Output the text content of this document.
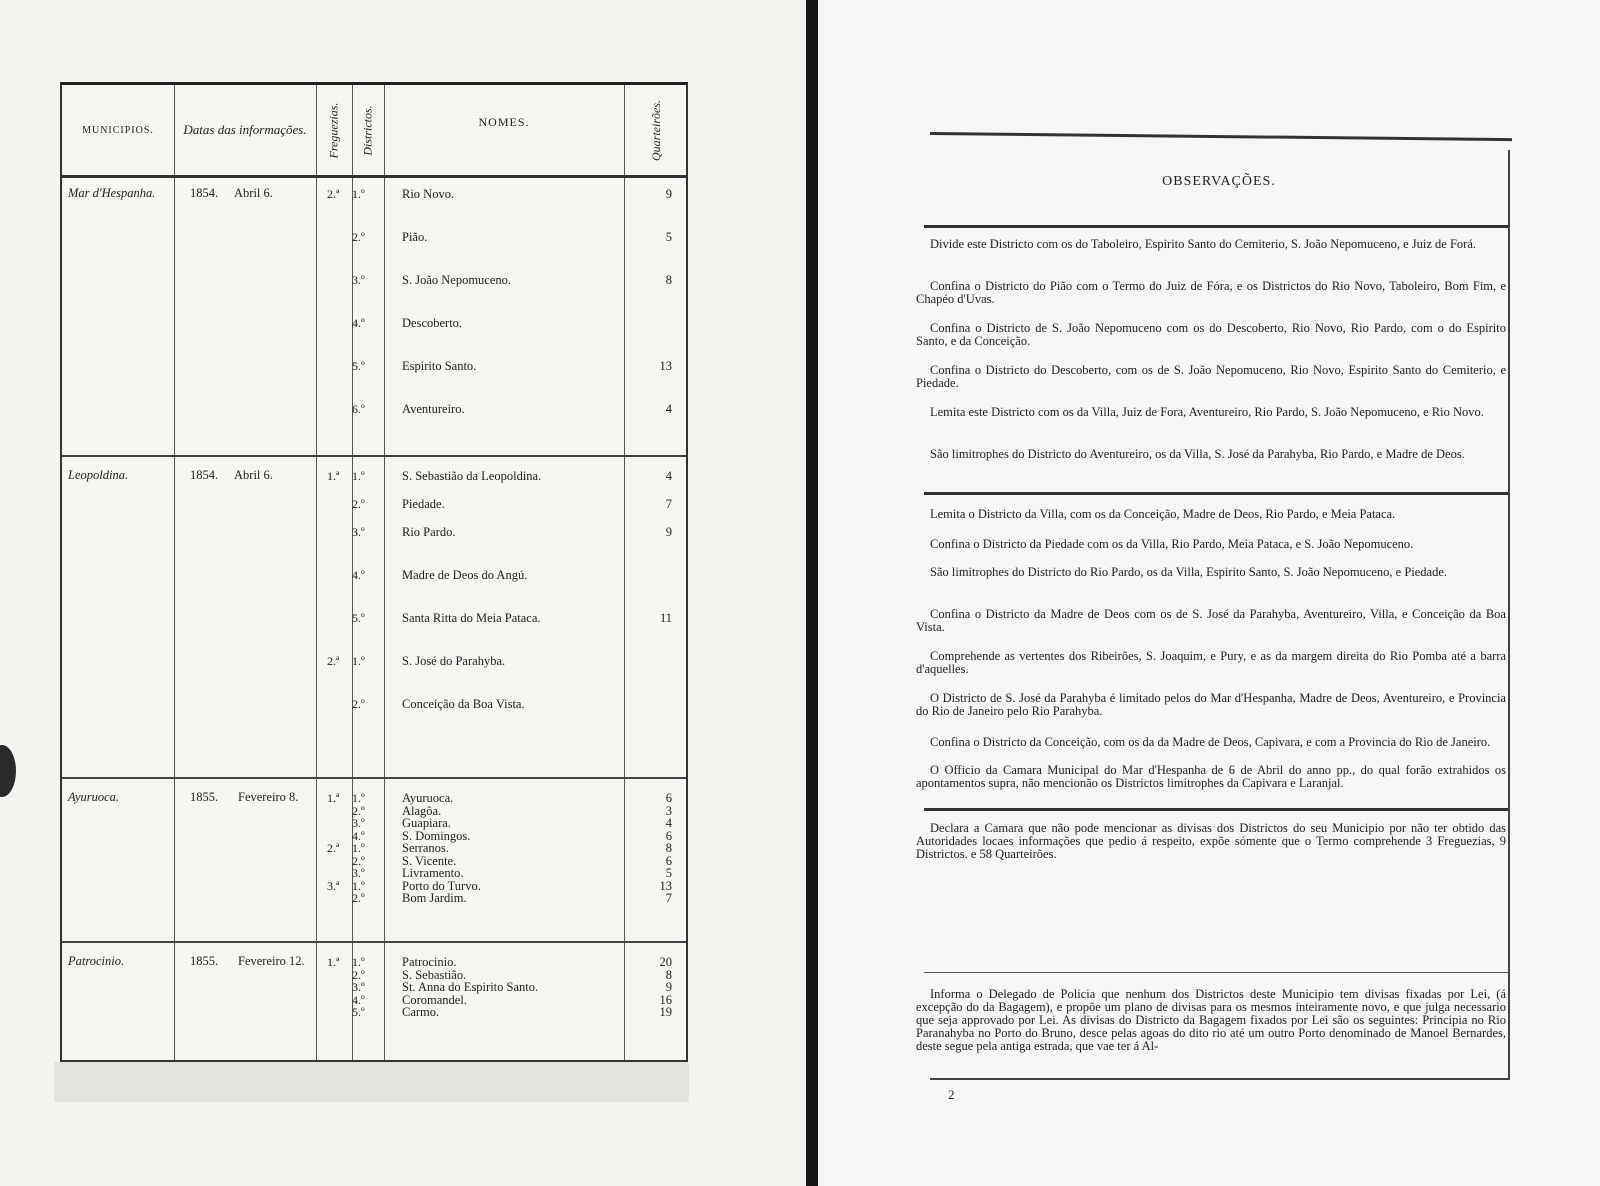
MUNICIPIOS. Datas das informações. Freguezias. Districtos.	NOMES.	Quarteirões.
Mar d'Hespanha.	1854. Abril 6.	2.ª 1.º	Rio Novo.	9
2.º	Pião.	5
3.º	S. João Nepomuceno.	8
4.º	Descoberto.
5.º	Espirito Santo.	13
6.º	Aventureiro.	4
Leopoldina.	1854. Abril 6.	1.ª 1.º	S. Sebastião da Leopoldina.	4
2.º	Piedade.	7
3.º	Rio Pardo.	9
4.º	Madre de Deos do Angú.
5.º	Santa Ritta do Meia Pataca.	11
2.ª 1.º	S. José do Parahyba.
2.º	Conceição da Boa Vista.
Ayuruoca.	1855. Fevereiro 8. 1.ª 1.º	Ayuruoca.	6
2.º	Alagôa.	3
3.º	Guapiara.	4
4.º	S. Domingos.	6
2.ª 1.º	Serranos.	8
2.º	S. Vicente.	6
3.º	Livramento.	5
3.ª 1.º	Porto do Turvo.	13
2.º	Bom Jardim.	7
Patrocinio.	1855. Fevereiro 12. 1.ª 1.º	Patrocinio.	20
2.º	S. Sebastião.	8
3.º	St. Anna do Espirito Santo.	9
4.º	Coromandel.	16
5.º	Carmo.	19
OBSERVAÇÕES.
Divide este Districto com os do Taboleiro, Espirito Santo do Cemiterio, S. João Nepomuceno, e Juiz de Forá.
Confina o Districto do Pião com o Termo do Juiz de Fóra, e os Districtos do Rio Novo, Taboleiro, Bom Fim, e Chapéo d'Uvas.
Confina o Districto de S. João Nepomuceno com os do Descoberto, Rio Novo, Rio Pardo, com o do Espirito Santo, e da Conceição.
Confina o Districto do Descoberto, com os de S. João Nepomuceno, Rio Novo, Espirito Santo do Cemiterio, e Piedade.
Lemita este Districto com os da Villa, Juiz de Fora, Aventureiro, Rio Pardo, S. João Nepomuceno, e Rio Novo.
São limitrophes do Districto do Aventureiro, os da Villa, S. José da Parahyba, Rio Pardo, e Madre de Deos.
Lemita o Districto da Villa, com os da Conceição, Madre de Deos, Rio Pardo, e Meia Pataca.
Confina o Districto da Piedade com os da Villa, Rio Pardo, Meia Pataca, e S. João Nepomuceno.
São limitrophes do Districto do Rio Pardo, os da Villa, Espirito Santo, S. João Nepomuceno, e Piedade.
Confina o Districto da Madre de Deos com os de S. José da Parahyba, Aventureiro, Villa, e Conceição da Boa Vista.
Comprehende as vertentes dos Ribeirões, S. Joaquim, e Pury, e as da margem direita do Rio Pomba até a barra d'aquelles.
O Districto de S. José da Parahyba é limitado pelos do Mar d'Hespanha, Madre de Deos, Aventureiro, e Provincia do Rio de Janeiro pelo Rio Parahyba.
Confina o Districto da Conceição, com os da da Madre de Deos, Capivara, e com a Provincia do Rio de Janeiro.
O Officio da Camara Municipal do Mar d'Hespanha de 6 de Abril do anno pp., do qual forão extrahidos os apontamentos supra, não mencionão os Districtos limitrophes da Capivara e Laranjal.
Declara a Camara que não pode mencionar as divisas dos Districtos do seu Municipio por não ter obtido das Autoridades locaes informações que pedio á respeito, expõe sómente que o Termo comprehende 3 Freguezias, 9 Districtos. e 58 Quarteirões.
Informa o Delegado de Policia que nenhum dos Districtos deste Municipio tem divisas fixadas por Lei, (á excepção do da Bagagem), e propõe um plano de divisas para os mesmos inteiramente novo, e que julga necessario que seja approvado por Lei. As divisas do Districto da Bagagem fixados por Lei são os seguintes: Principia no Rio Paranahyba no Porto do Bruno, desce pelas agoas do dito rio até um outro Porto denominado de Manoel Bernardes, deste segue pela antiga estrada, que vae ter á Al-
2
